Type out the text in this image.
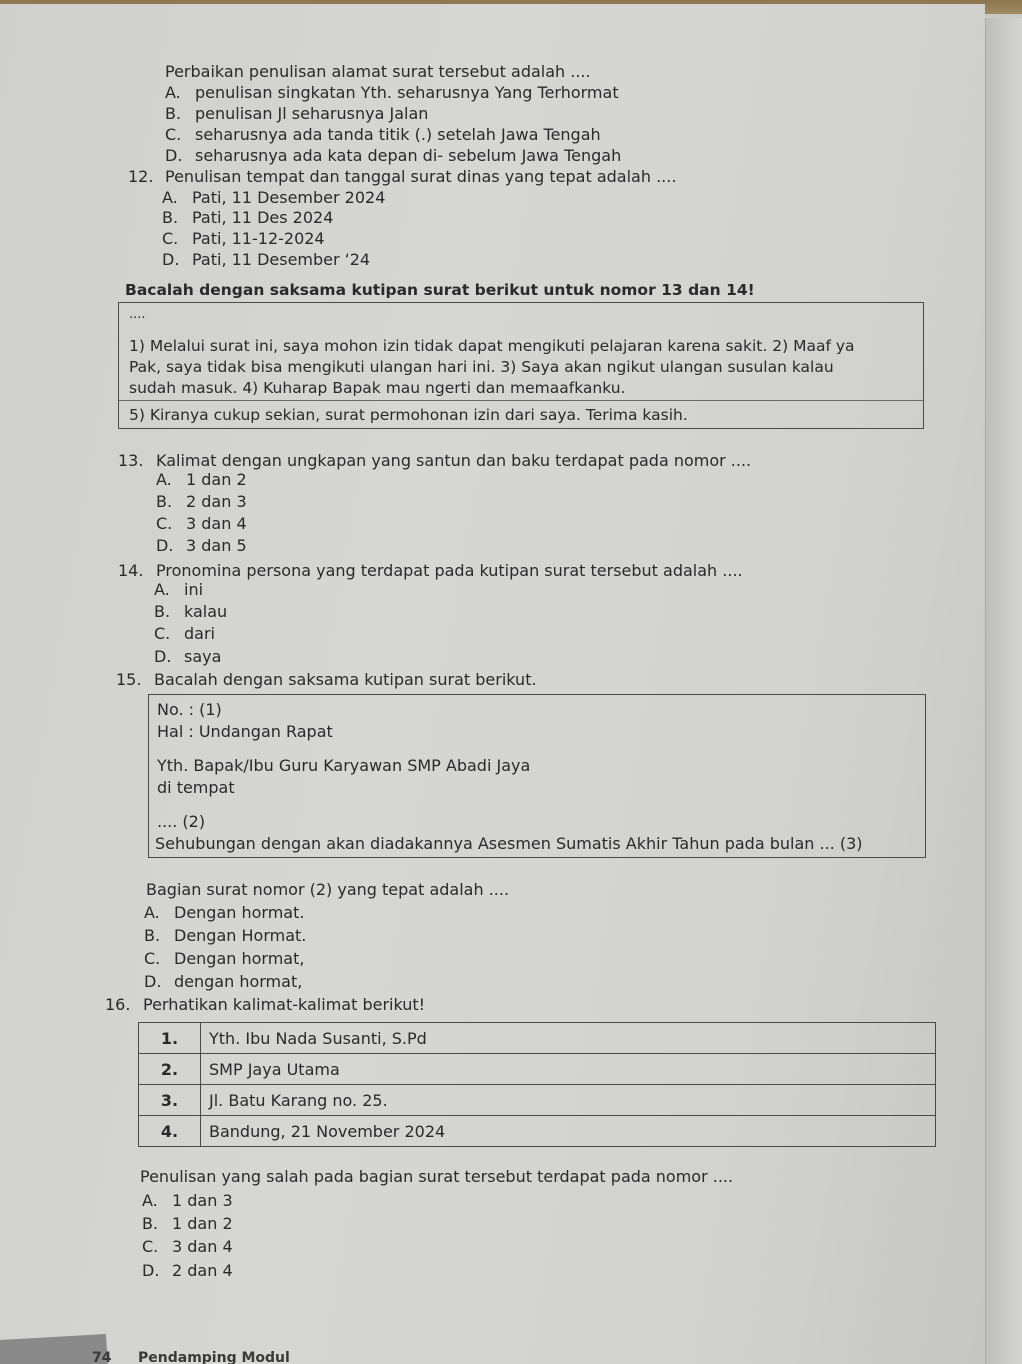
Perbaikan penulisan alamat surat tersebut adalah ....
A. penulisan singkatan Yth. seharusnya Yang Terhormat
B. penulisan Jl seharusnya Jalan
C. seharusnya ada tanda titik (.) setelah Jawa Tengah
D. seharusnya ada kata depan di- sebelum Jawa Tengah
12. Penulisan tempat dan tanggal surat dinas yang tepat adalah ....
A. Pati, 11 Desember 2024
B. Pati, 11 Des 2024
C. Pati, 11-12-2024
D. Pati, 11 Desember ‘24
Bacalah dengan saksama kutipan surat berikut untuk nomor 13 dan 14!
....
1) Melalui surat ini, saya mohon izin tidak dapat mengikuti pelajaran karena sakit. 2) Maaf ya
Pak, saya tidak bisa mengikuti ulangan hari ini. 3) Saya akan ngikut ulangan susulan kalau
sudah masuk. 4) Kuharap Bapak mau ngerti dan memaafkanku.
5) Kiranya cukup sekian, surat permohonan izin dari saya. Terima kasih.
13. Kalimat dengan ungkapan yang santun dan baku terdapat pada nomor ....
A. 1 dan 2
B. 2 dan 3
C. 3 dan 4
D. 3 dan 5
14. Pronomina persona yang terdapat pada kutipan surat tersebut adalah ....
A. ini
B. kalau
C. dari
D. saya
15. Bacalah dengan saksama kutipan surat berikut.
No. : (1)
Hal : Undangan Rapat
Yth. Bapak/Ibu Guru Karyawan SMP Abadi Jaya
di tempat
.... (2)
Sehubungan dengan akan diadakannya Asesmen Sumatis Akhir Tahun pada bulan ... (3)
Bagian surat nomor (2) yang tepat adalah ....
A. Dengan hormat.
B. Dengan Hormat.
C. Dengan hormat,
D. dengan hormat,
16. Perhatikan kalimat-kalimat berikut!
1.	Yth. Ibu Nada Susanti, S.Pd
2.	SMP Jaya Utama
3.	Jl. Batu Karang no. 25.
4.	Bandung, 21 November 2024
Penulisan yang salah pada bagian surat tersebut terdapat pada nomor ....
A. 1 dan 3
B. 1 dan 2
C. 3 dan 4
D. 2 dan 4
74 Pendamping Modul
